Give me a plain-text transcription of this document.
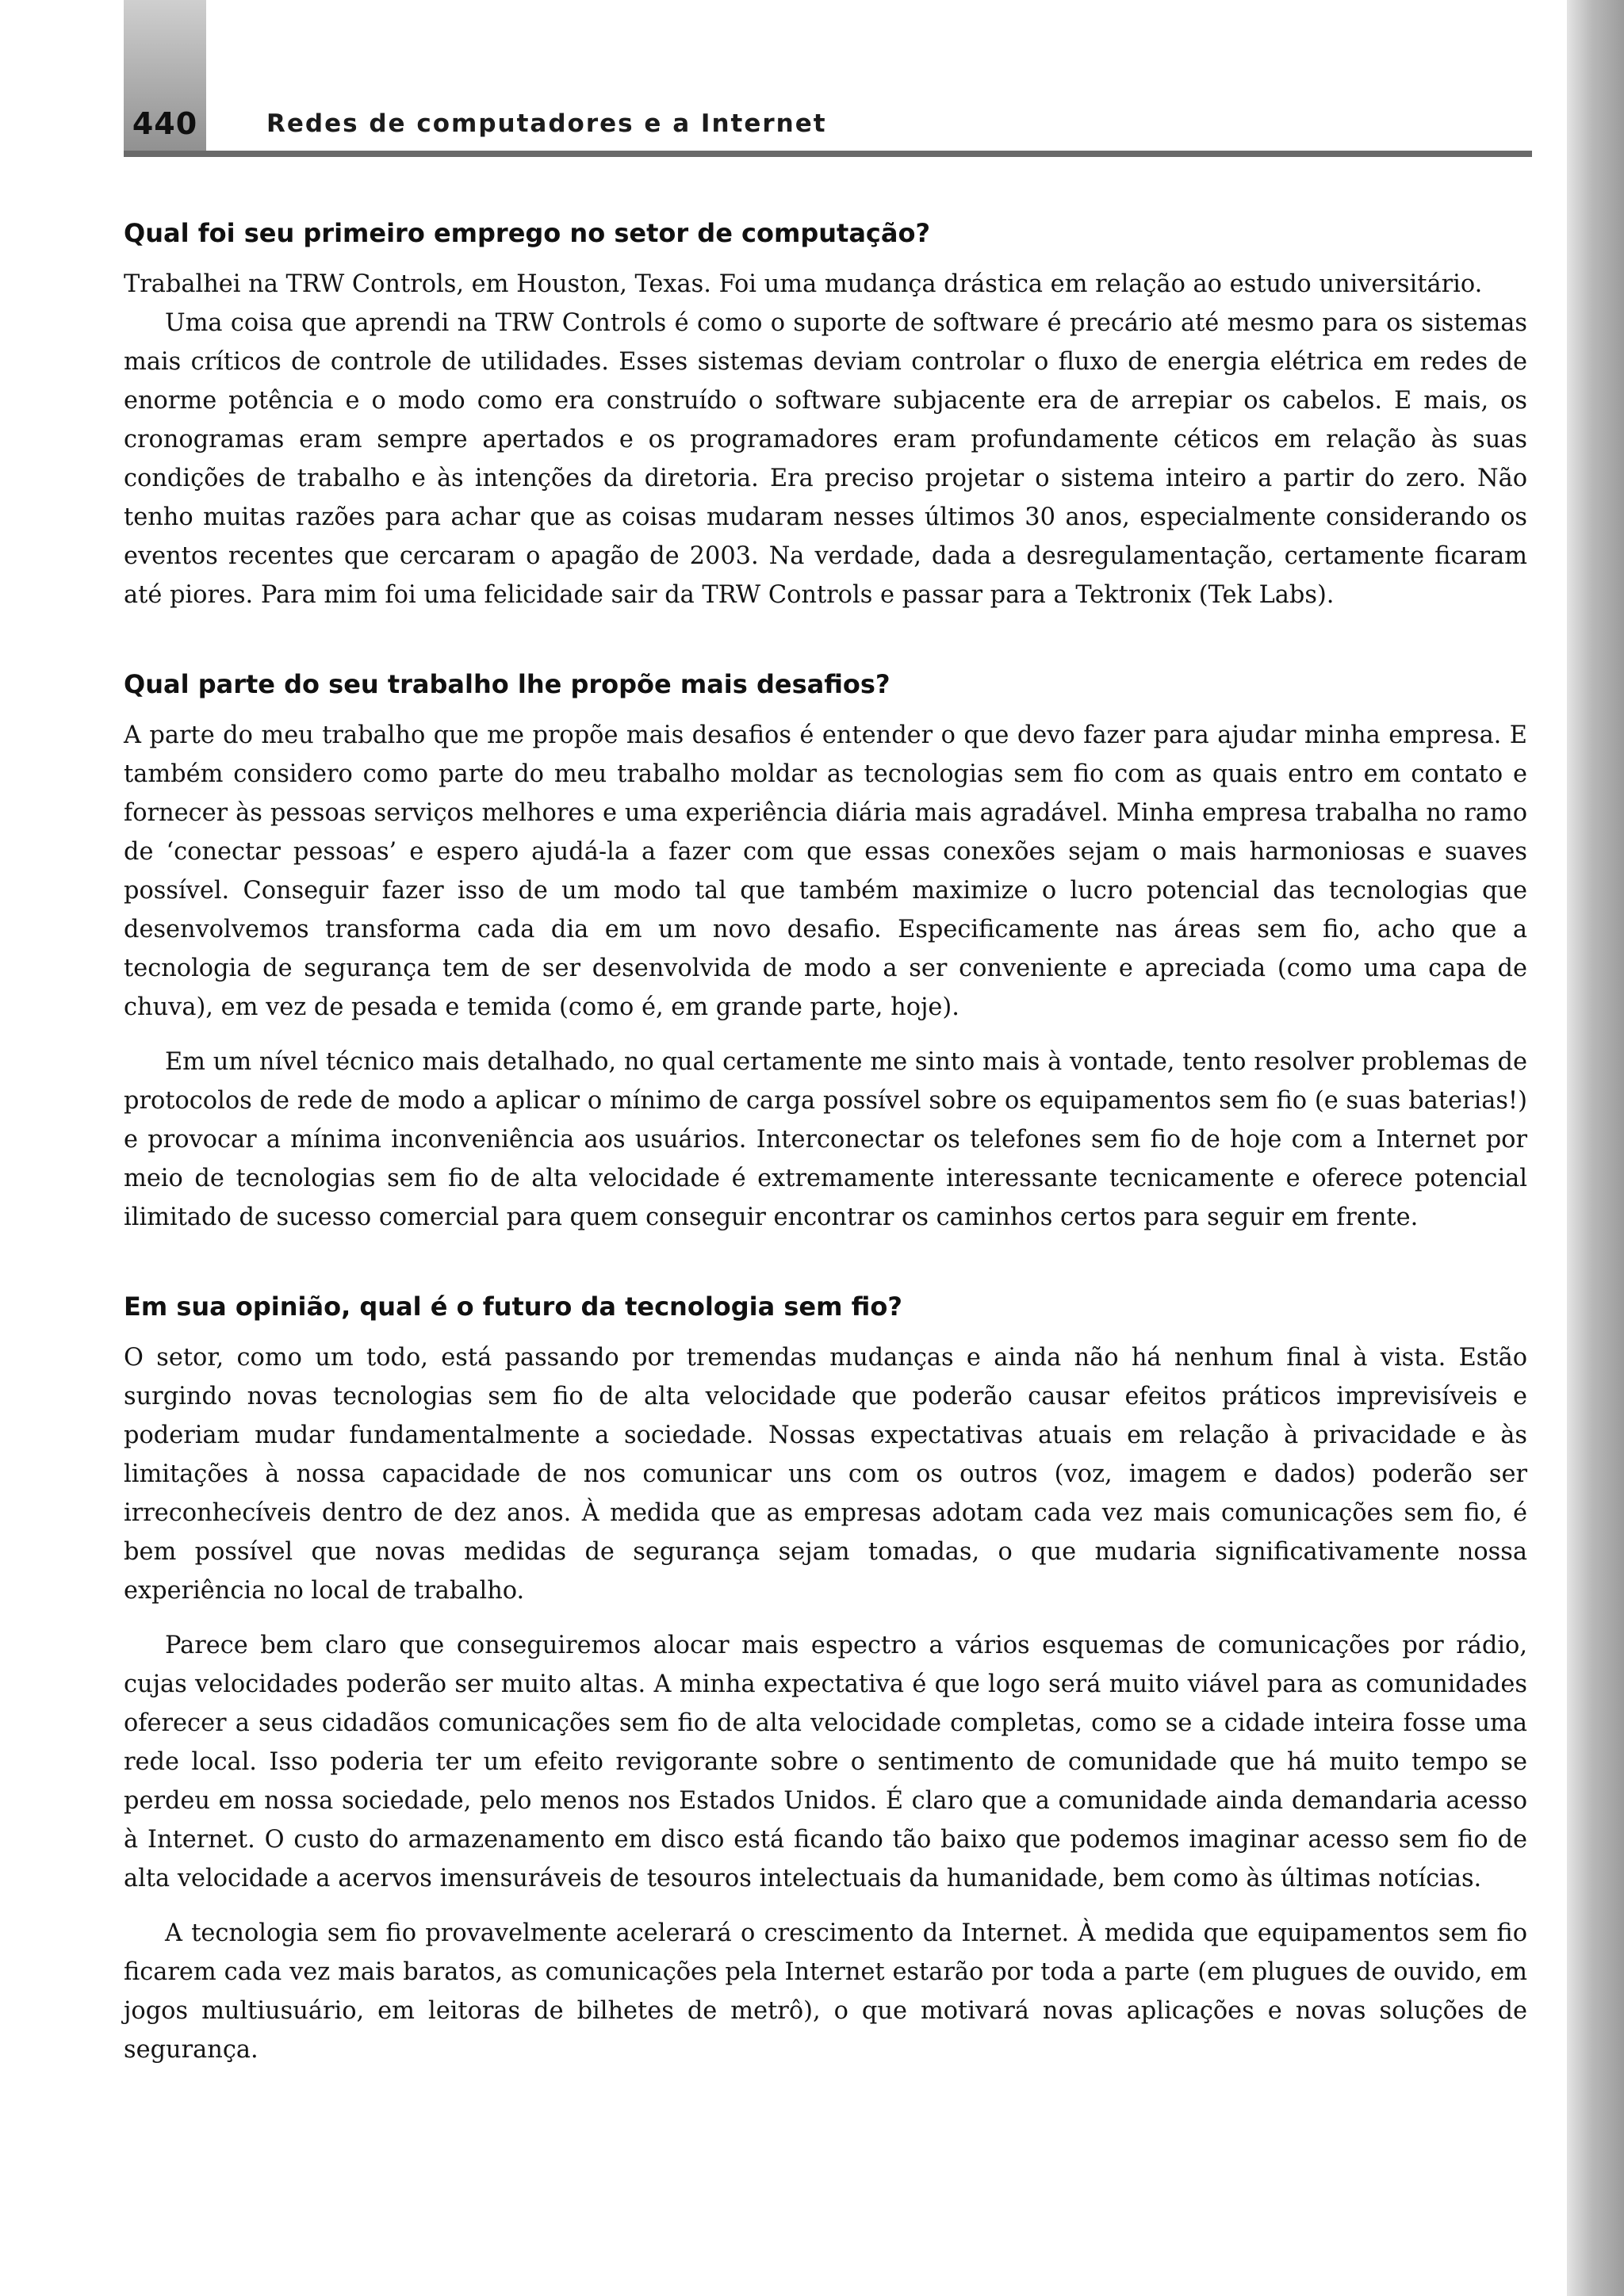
440	Redes de computadores e a Internet
Qual foi seu primeiro emprego no setor de computação?

Trabalhei na TRW Controls, em Houston, Texas. Foi uma mudança drástica em relação ao estudo universitário.

Uma coisa que aprendi na TRW Controls é como o suporte de software é precário até mesmo para os sistemas mais críticos de controle de utilidades. Esses sistemas deviam controlar o fluxo de energia elétrica em redes de enorme potência e o modo como era construído o software subjacente era de arrepiar os cabelos. E mais, os cronogramas eram sempre apertados e os programadores eram profundamente céticos em relação às suas condições de trabalho e às intenções da diretoria. Era preciso projetar o sistema inteiro a partir do zero. Não tenho muitas razões para achar que as coisas mudaram nesses últimos 30 anos, especialmente considerando os eventos recentes que cercaram o apagão de 2003. Na verdade, dada a desregulamentação, certamente ficaram até piores. Para mim foi uma felicidade sair da TRW Controls e passar para a Tektronix (Tek Labs).

Qual parte do seu trabalho lhe propõe mais desafios?

A parte do meu trabalho que me propõe mais desafios é entender o que devo fazer para ajudar minha empresa. E também considero como parte do meu trabalho moldar as tecnologias sem fio com as quais entro em contato e fornecer às pessoas serviços melhores e uma experiência diária mais agradável. Minha empresa trabalha no ramo de ‘conectar pessoas’ e espero ajudá-la a fazer com que essas conexões sejam o mais harmoniosas e suaves possível. Conseguir fazer isso de um modo tal que também maximize o lucro potencial das tecnologias que desenvolvemos transforma cada dia em um novo desafio. Especificamente nas áreas sem fio, acho que a tecnologia de segurança tem de ser desenvolvida de modo a ser conveniente e apreciada (como uma capa de chuva), em vez de pesada e temida (como é, em grande parte, hoje).

Em um nível técnico mais detalhado, no qual certamente me sinto mais à vontade, tento resolver problemas de protocolos de rede de modo a aplicar o mínimo de carga possível sobre os equipamentos sem fio (e suas baterias!) e provocar a mínima inconveniência aos usuários. Interconectar os telefones sem fio de hoje com a Internet por meio de tecnologias sem fio de alta velocidade é extremamente interessante tecnicamente e oferece potencial ilimitado de sucesso comercial para quem conseguir encontrar os caminhos certos para seguir em frente.

Em sua opinião, qual é o futuro da tecnologia sem fio?

O setor, como um todo, está passando por tremendas mudanças e ainda não há nenhum final à vista. Estão surgindo novas tecnologias sem fio de alta velocidade que poderão causar efeitos práticos imprevisíveis e poderiam mudar fundamentalmente a sociedade. Nossas expectativas atuais em relação à privacidade e às limitações à nossa capacidade de nos comunicar uns com os outros (voz, imagem e dados) poderão ser irreconhecíveis dentro de dez anos. À medida que as empresas adotam cada vez mais comunicações sem fio, é bem possível que novas medidas de segurança sejam tomadas, o que mudaria significativamente nossa experiência no local de trabalho.

Parece bem claro que conseguiremos alocar mais espectro a vários esquemas de comunicações por rádio, cujas velocidades poderão ser muito altas. A minha expectativa é que logo será muito viável para as comunidades oferecer a seus cidadãos comunicações sem fio de alta velocidade completas, como se a cidade inteira fosse uma rede local. Isso poderia ter um efeito revigorante sobre o sentimento de comunidade que há muito tempo se perdeu em nossa sociedade, pelo menos nos Estados Unidos. É claro que a comunidade ainda demandaria acesso à Internet. O custo do armazenamento em disco está ficando tão baixo que podemos imaginar acesso sem fio de alta velocidade a acervos imensuráveis de tesouros intelectuais da humanidade, bem como às últimas notícias.

A tecnologia sem fio provavelmente acelerará o crescimento da Internet. À medida que equipamentos sem fio ficarem cada vez mais baratos, as comunicações pela Internet estarão por toda a parte (em plugues de ouvido, em jogos multiusuário, em leitoras de bilhetes de metrô), o que motivará novas aplicações e novas soluções de segurança.
